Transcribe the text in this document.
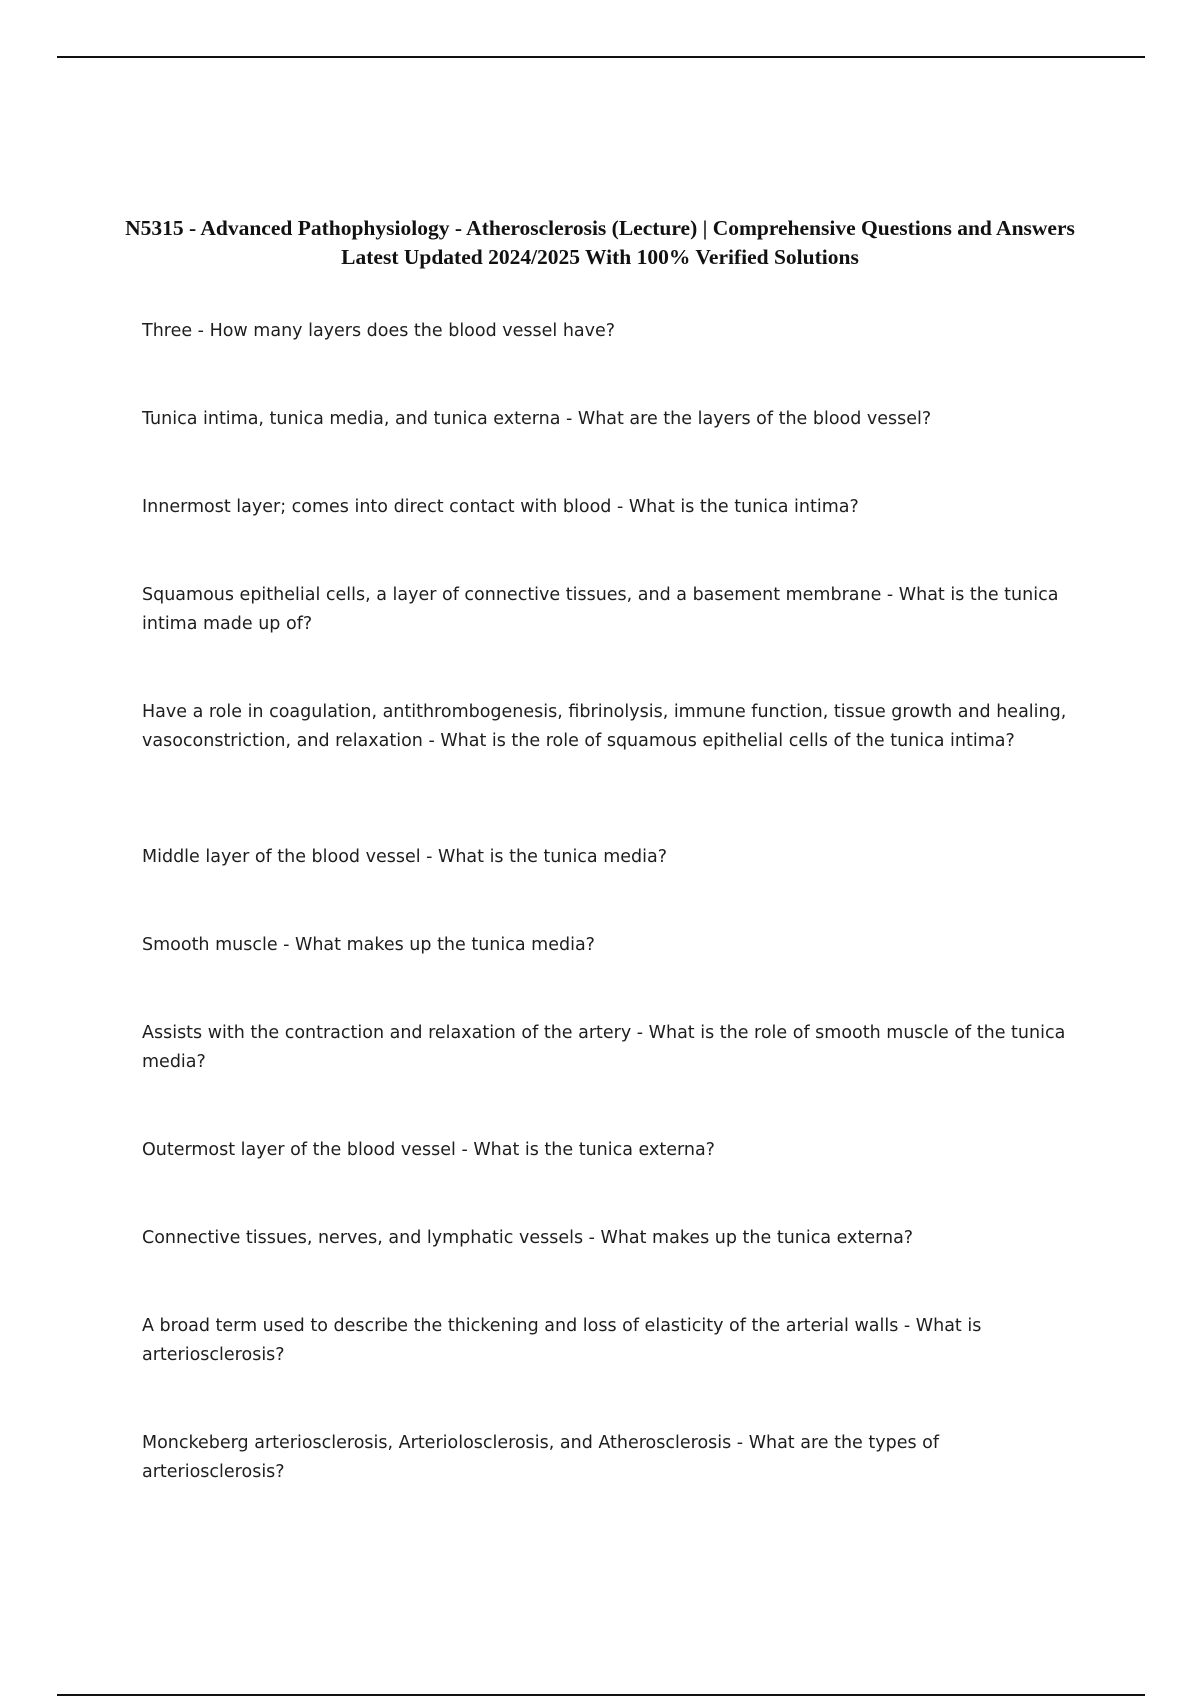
N5315 - Advanced Pathophysiology - Atherosclerosis (Lecture) | Comprehensive Questions and Answers Latest Updated 2024/2025 With 100% Verified Solutions

Three - How many layers does the blood vessel have?

Tunica intima, tunica media, and tunica externa - What are the layers of the blood vessel?

Innermost layer; comes into direct contact with blood - What is the tunica intima?

Squamous epithelial cells, a layer of connective tissues, and a basement membrane - What is the tunica intima made up of?

Have a role in coagulation, antithrombogenesis, fibrinolysis, immune function, tissue growth and healing, vasoconstriction, and relaxation - What is the role of squamous epithelial cells of the tunica intima?

Middle layer of the blood vessel - What is the tunica media?

Smooth muscle - What makes up the tunica media?

Assists with the contraction and relaxation of the artery - What is the role of smooth muscle of the tunica media?

Outermost layer of the blood vessel - What is the tunica externa?

Connective tissues, nerves, and lymphatic vessels - What makes up the tunica externa?

A broad term used to describe the thickening and loss of elasticity of the arterial walls - What is arteriosclerosis?

Monckeberg arteriosclerosis, Arteriolosclerosis, and Atherosclerosis - What are the types of arteriosclerosis?
